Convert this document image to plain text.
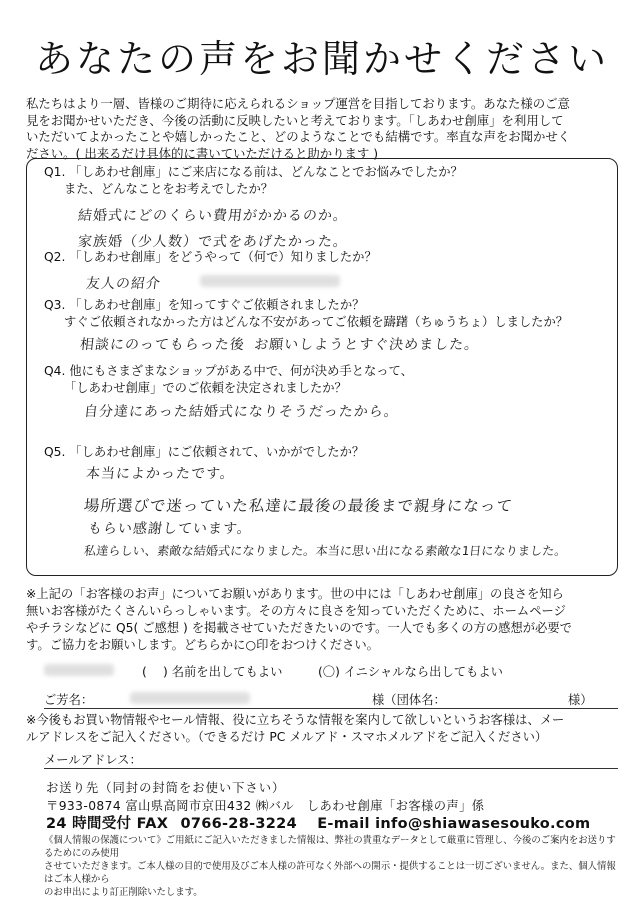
あなたの声をお聞かせください
私たちはより一層、皆様のご期待に応えられるショップ運営を目指しております。あなた様のご意
見をお聞かせいただき、今後の活動に反映したいと考えております。「しあわせ創庫」を利用して
いただいてよかったことや嬉しかったこと、どのようなことでも結構です。率直な声をお聞かせく
ださい。( 出来るだけ具体的に書いていただけると助かります )
Q1. 「しあわせ創庫」にご来店になる前は、どんなことでお悩みでしたか？
また、どんなことをお考えでしたか？
結婚式にどのくらい費用がかかるのか。
家族婚（少人数）で式をあげたかった。
Q2. 「しあわせ創庫」をどうやって（何で）知りましたか？
友人の紹介
Q3. 「しあわせ創庫」を知ってすぐご依頼されましたか？
すぐご依頼されなかった方はどんな不安があってご依頼を躊躇（ちゅうちょ）しましたか？
相談にのってもらった後 お願いしようとすぐ決めました。
Q4. 他にもさまざまなショップがある中で、何が決め手となって、
「しあわせ創庫」でのご依頼を決定されましたか？
自分達にあった結婚式になりそうだったから。
Q5. 「しあわせ創庫」にご依頼されて、いかがでしたか？
本当によかったです。
場所選びで迷っていた私達に最後の最後まで親身になって
もらい感謝しています。
私達らしい、素敵な結婚式になりました。本当に思い出になる素敵な1日になりました。
※上記の「お客様のお声」についてお願いがあります。世の中には「しあわせ創庫」の良さを知ら
無いお客様がたくさんいらっしゃいます。その方々に良さを知っていただくために、ホームページ
やチラシなどに Q5( ご感想 ) を掲載させていただきたいのです。一人でも多くの方の感想が必要で
す。ご協力をお願いします。どちらかに○印をおつけください。
(　 ) 名前を出してもよい	(〇) イニシャルなら出してもよい
ご芳名：	様（団体名：	様）
※今後もお買い物情報やセール情報、役に立ちそうな情報を案内して欲しいというお客様は、メー
ルアドレスをご記入ください。（できるだけ PC メルアド・スマホメルアドをご記入ください）
メールアドレス：
お送り先（同封の封筒をお使い下さい）
〒933-0874 富山県高岡市京田432 ㈱バル　しあわせ創庫「お客様の声」係
24 時間受付 FAX 0766-28-3224 E-mail info@shiawasesouko.com
《個人情報の保護について》ご用紙にご記入いただきました情報は、弊社の貴重なデータとして厳重に管理し、今後のご案内をお送りするためにのみ使用
させていただきます。ご本人様の目的で使用及びご本人様の許可なく外部への開示・提供することは一切ございません。また、個人情報はご本人様から
のお申出により訂正削除いたします。
